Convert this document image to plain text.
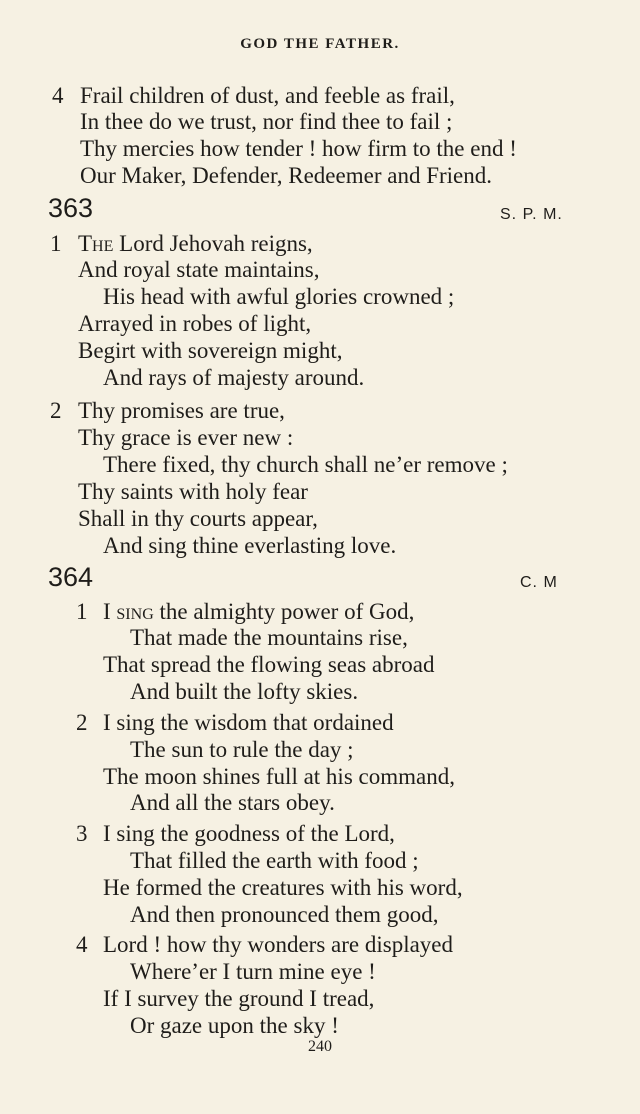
GOD THE FATHER.
4 Frail children of dust, and feeble as frail,
In thee do we trust, nor find thee to fail ;
Thy mercies how tender ! how firm to the end !
Our Maker, Defender, Redeemer and Friend.
363	S. P. M.
1 The Lord Jehovah reigns,
And royal state maintains,
His head with awful glories crowned ;
Arrayed in robes of light,
Begirt with sovereign might,
And rays of majesty around.
2 Thy promises are true,
Thy grace is ever new :
There fixed, thy church shall ne’er remove ;
Thy saints with holy fear
Shall in thy courts appear,
And sing thine everlasting love.
364	C. M
1 I sing the almighty power of God,
That made the mountains rise,
That spread the flowing seas abroad
And built the lofty skies.
2 I sing the wisdom that ordained
The sun to rule the day ;
The moon shines full at his command,
And all the stars obey.
3 I sing the goodness of the Lord,
That filled the earth with food ;
He formed the creatures with his word,
And then pronounced them good,
4 Lord ! how thy wonders are displayed
Where’er I turn mine eye !
If I survey the ground I tread,
Or gaze upon the sky !
240
